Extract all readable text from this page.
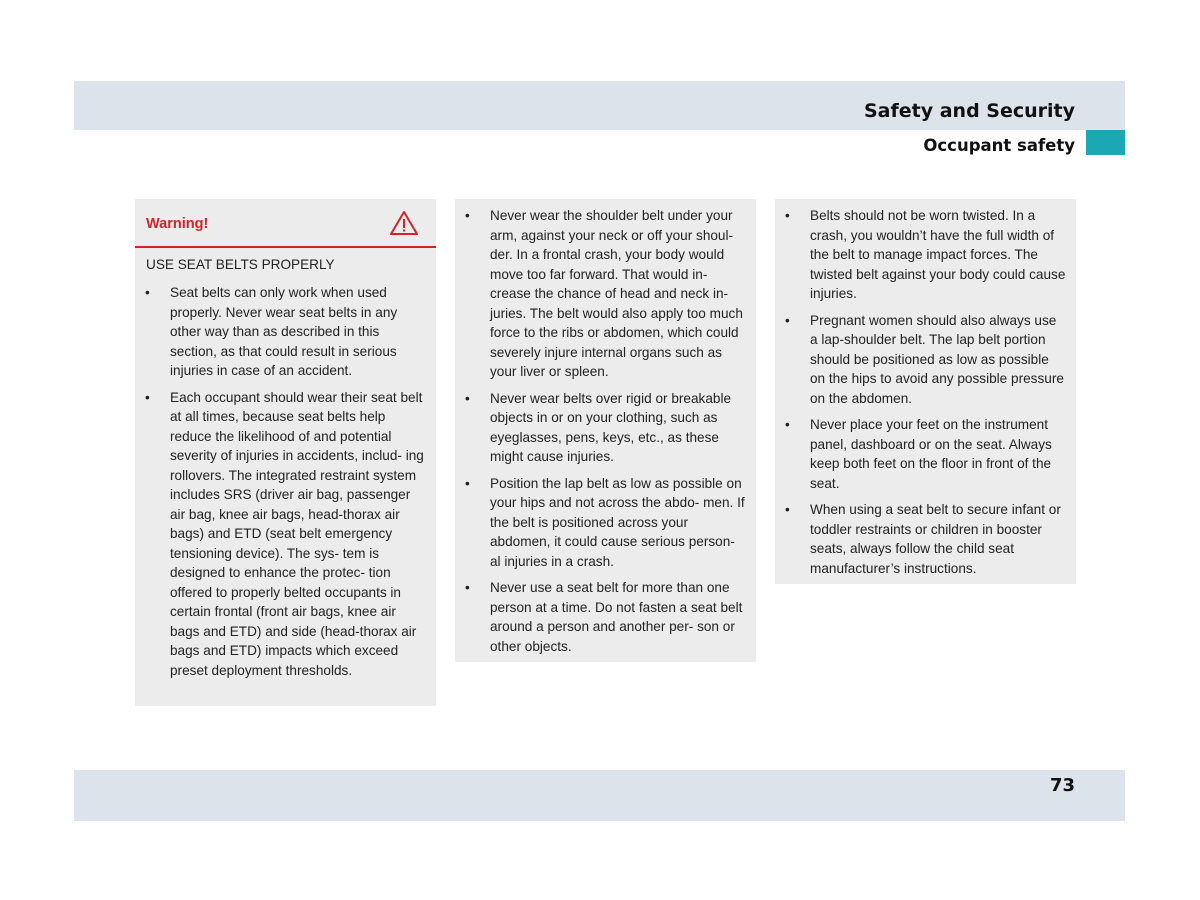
Safety and Security
Occupant safety
Warning!
USE SEAT BELTS PROPERLY
• Seat belts can only work when used properly. Never wear seat belts in any other way than as described in this section, as that could result in serious injuries in case of an accident.
• Each occupant should wear their seat belt at all times, because seat belts help reduce the likelihood of and potential severity of injuries in accidents, includ- ing rollovers. The integrated restraint system includes SRS (driver air bag, passenger air bag, knee air bags, head-thorax air bags) and ETD (seat belt emergency tensioning device). The sys- tem is designed to enhance the protec- tion offered to properly belted occupants in certain frontal (front air bags, knee air bags and ETD) and side (head-thorax air bags and ETD) impacts which exceed preset deployment thresholds.
• Never wear the shoulder belt under your arm, against your neck or off your shoul- der. In a frontal crash, your body would move too far forward. That would in- crease the chance of head and neck in- juries. The belt would also apply too much force to the ribs or abdomen, which could severely injure internal organs such as your liver or spleen.
• Never wear belts over rigid or breakable objects in or on your clothing, such as eyeglasses, pens, keys, etc., as these might cause injuries.
• Position the lap belt as low as possible on your hips and not across the abdo- men. If the belt is positioned across your abdomen, it could cause serious person- al injuries in a crash.
• Never use a seat belt for more than one person at a time. Do not fasten a seat belt around a person and another per- son or other objects.
• Belts should not be worn twisted. In a crash, you wouldn’t have the full width of the belt to manage impact forces. The twisted belt against your body could cause injuries.
• Pregnant women should also always use a lap-shoulder belt. The lap belt portion should be positioned as low as possible on the hips to avoid any possible pressure on the abdomen.
• Never place your feet on the instrument panel, dashboard or on the seat. Always keep both feet on the floor in front of the seat.
• When using a seat belt to secure infant or toddler restraints or children in booster seats, always follow the child seat manufacturer’s instructions.
73
